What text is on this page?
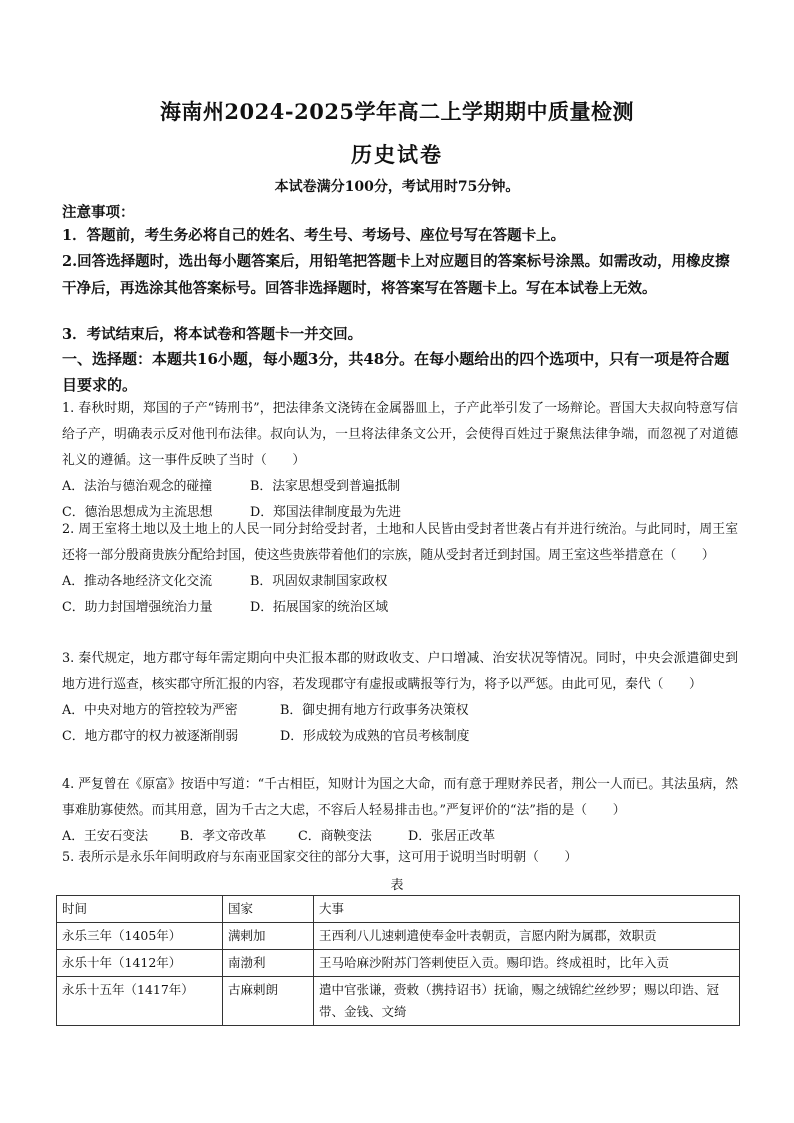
海南州2024-2025学年高二上学期期中质量检测
历史试卷
本试卷满分100分，考试用时75分钟。
注意事项：
1．答题前，考生务必将自己的姓名、考生号、考场号、座位号写在答题卡上。
2.回答选择题时，选出每小题答案后，用铅笔把答题卡上对应题目的答案标号涂黑。如需改动，用橡皮擦干净后，再选涂其他答案标号。回答非选择题时，将答案写在答题卡上。写在本试卷上无效。
3．考试结束后，将本试卷和答题卡一并交回。
一、选择题：本题共16小题，每小题3分，共48分。在每小题给出的四个选项中，只有一项是符合题目要求的。

1. 春秋时期，郑国的子产“铸刑书”，把法律条文浇铸在金属器皿上，子产此举引发了一场辩论。晋国大夫叔向特意写信给子产，明确表示反对他刊布法律。叔向认为，一旦将法律条文公开，会使得百姓过于聚焦法律争端，而忽视了对道德礼义的遵循。这一事件反映了当时（　　）

A．法治与德治观念的碰撞	B．法家思想受到普遍抵制
C．德治思想成为主流思想	D．郑国法律制度最为先进

2. 周王室将土地以及土地上的人民一同分封给受封者，土地和人民皆由受封者世袭占有并进行统治。与此同时，周王室还将一部分殷商贵族分配给封国，使这些贵族带着他们的宗族，随从受封者迁到封国。周王室这些举措意在（　　）

A．推动各地经济文化交流	B．巩固奴隶制国家政权
C．助力封国增强统治力量	D．拓展国家的统治区域

3. 秦代规定，地方郡守每年需定期向中央汇报本郡的财政收支、户口增减、治安状况等情况。同时，中央会派遣御史到地方进行巡查，核实郡守所汇报的内容，若发现郡守有虚报或瞒报等行为，将予以严惩。由此可见，秦代（　　）

A．中央对地方的管控较为严密	B．御史拥有地方行政事务决策权
C．地方郡守的权力被逐渐削弱	D．形成较为成熟的官员考核制度

4. 严复曾在《原富》按语中写道：“千古相臣，知财计为国之大命，而有意于理财养民者，荆公一人而已。其法虽病，然事难肋寡使然。而其用意，固为千古之大虑，不容后人轻易排击也。”严复评价的“法”指的是（　　）

A．王安石变法	B．孝文帝改革	C．商鞅变法	D．张居正改革

5. 表所示是永乐年间明政府与东南亚国家交往的部分大事，这可用于说明当时明朝（　　）

表
时间	国家	大事
永乐三年（1405年）	满剌加	王西利八儿速剌遣使奉金叶表朝贡，言愿内附为属郡，效职贡
永乐十年（1412年）	南渤利	王马哈麻沙附苏门答剌使臣入贡。赐印诰。终成祖时，比年入贡
永乐十五年（1417年）	古麻剌朗	遣中官张谦，赍敕（携持诏书）抚谕，赐之绒锦纻丝纱罗；赐以印诰、冠带、金钱、文绮
